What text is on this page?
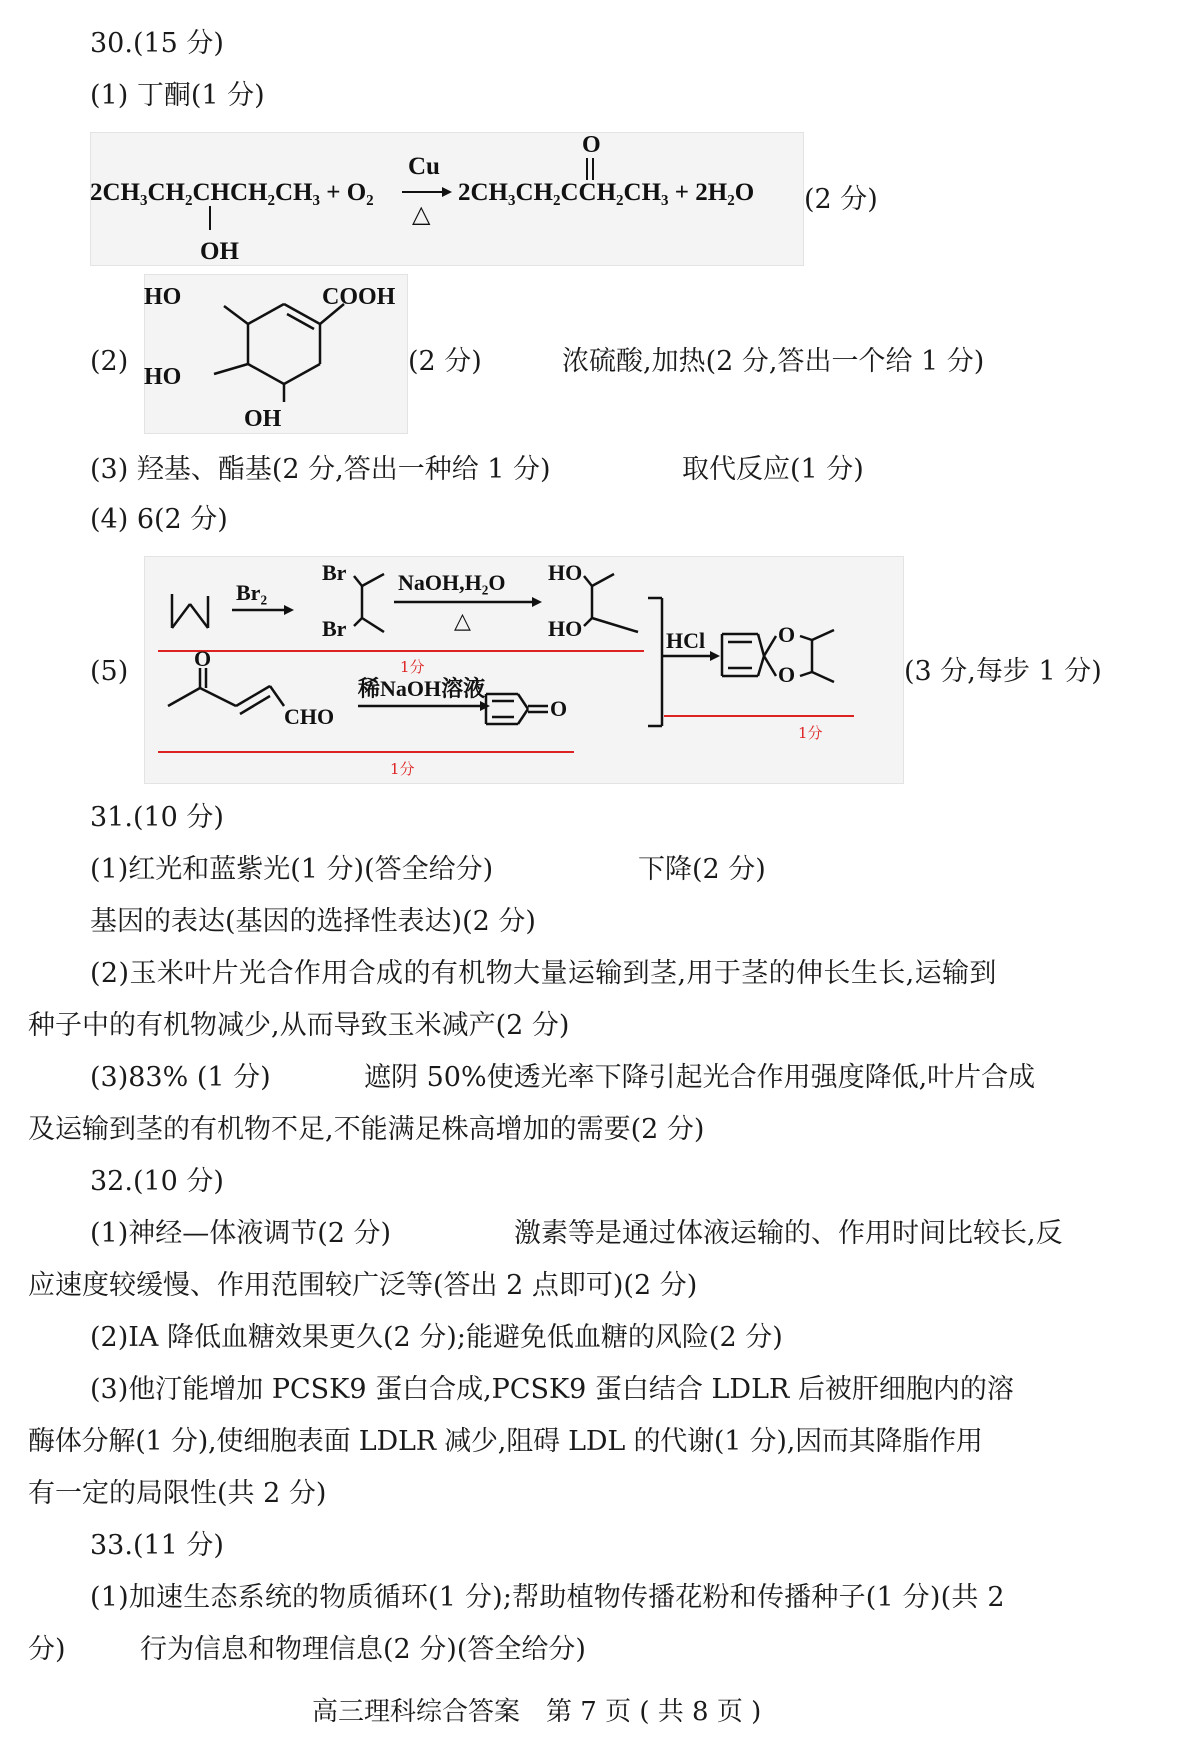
30.(15 分)
(1) 丁酮(1 分)
2CH₃CH₂CHCH₂CH₃ + O₂
OH
Cu
△
2CH₃CH₂CCH₂CH₃ + 2H₂O
O
(2 分)
(2)
HO	COOH
HO
OH
(2 分)	浓硫酸,加热(2 分,答出一个给 1 分)
(3) 羟基、酯基(2 分,答出一种给 1 分)	取代反应(1 分)
(4) 6(2 分)
(5)
Br₂
Br
Br
NaOH,H₂O
△
HO
HO	HCl	O
O
O
CHO
稀NaOH溶液
O
1分
1分
1分
(3 分,每步 1 分)
31.(10 分)
(1)红光和蓝紫光(1 分)(答全给分)	下降(2 分)
基因的表达(基因的选择性表达)(2 分)
(2)玉米叶片光合作用合成的有机物大量运输到茎,用于茎的伸长生长,运输到
种子中的有机物减少,从而导致玉米减产(2 分)
(3)83% (1 分)	遮阴 50%使透光率下降引起光合作用强度降低,叶片合成
及运输到茎的有机物不足,不能满足株高增加的需要(2 分)
32.(10 分)
(1)神经—体液调节(2 分)	激素等是通过体液运输的、作用时间比较长,反
应速度较缓慢、作用范围较广泛等(答出 2 点即可)(2 分)
(2)IA 降低血糖效果更久(2 分);能避免低血糖的风险(2 分)
(3)他汀能增加 PCSK9 蛋白合成,PCSK9 蛋白结合 LDLR 后被肝细胞内的溶
酶体分解(1 分),使细胞表面 LDLR 减少,阻碍 LDL 的代谢(1 分),因而其降脂作用
有一定的局限性(共 2 分)
33.(11 分)
(1)加速生态系统的物质循环(1 分);帮助植物传播花粉和传播种子(1 分)(共 2
分)	行为信息和物理信息(2 分)(答全给分)
高三理科综合答案　第 7 页 ( 共 8 页 )
